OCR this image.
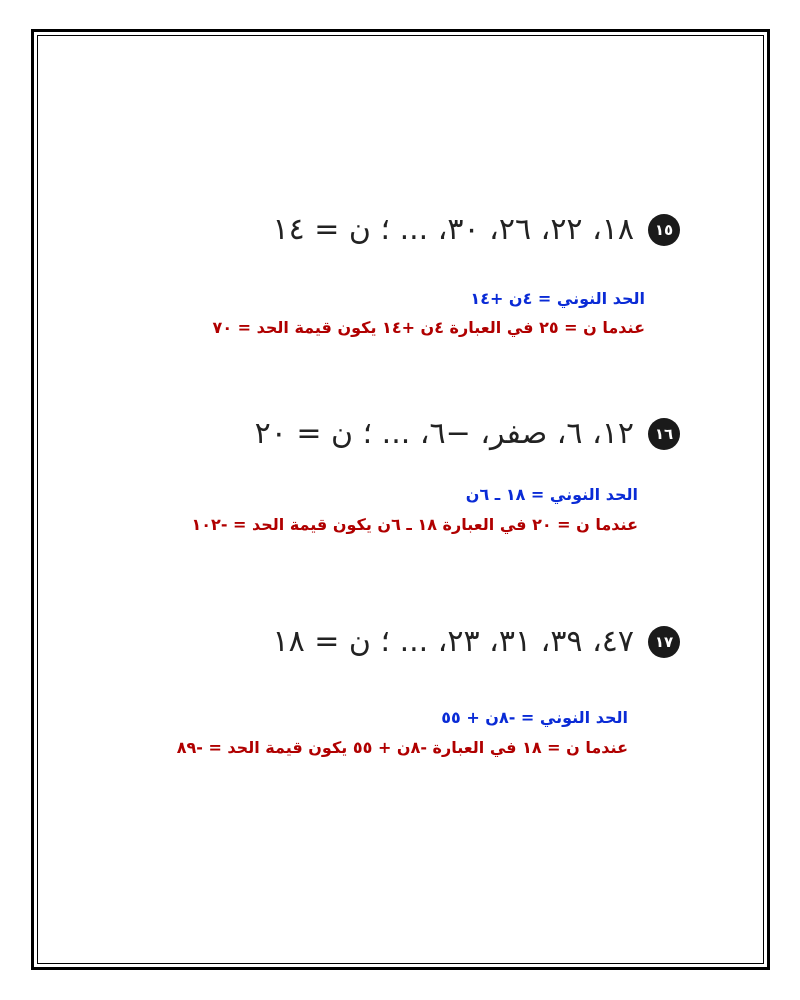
١٥
١٨، ٢٢، ٢٦، ٣٠، ... ؛ ن = ١٤
الحد النوني = ٤ن +١٤
عندما ن = ٢٥ في العبارة ٤ن +١٤ يكون قيمة الحد = ٧٠
١٦
١٢، ٦، صفر، −٦، ... ؛ ن = ٢٠
الحد النوني = ١٨ ـ ٦ن
عندما ن = ٢٠ في العبارة ١٨ ـ ٦ن يكون قيمة الحد = -١٠٢
١٧
٤٧، ٣٩، ٣١، ٢٣، ... ؛ ن = ١٨
الحد النوني = -٨ن + ٥٥
عندما ن = ١٨ في العبارة -٨ن + ٥٥ يكون قيمة الحد = -٨٩
